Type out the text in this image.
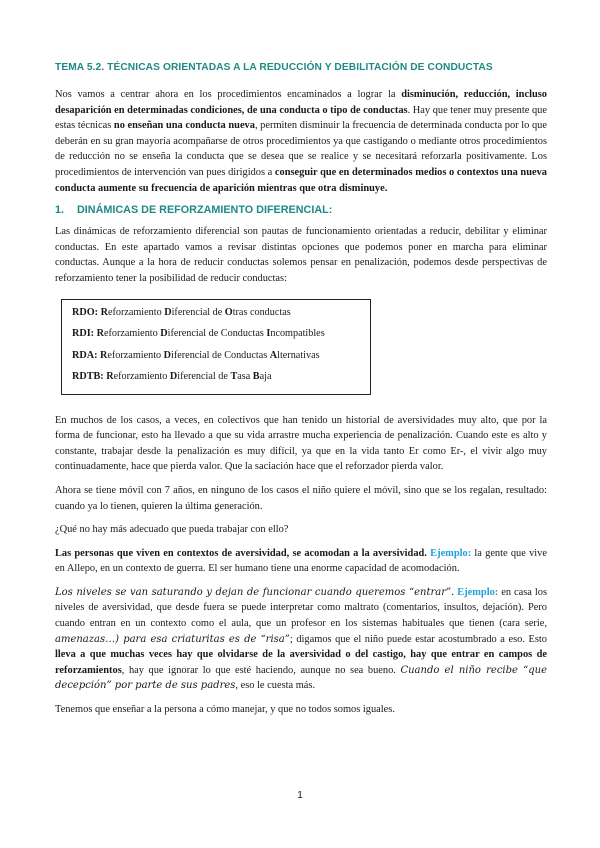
TEMA 5.2. TÉCNICAS ORIENTADAS A LA REDUCCIÓN Y DEBILITACIÓN DE CONDUCTAS

Nos vamos a centrar ahora en los procedimientos encaminados a lograr la disminución, reducción, incluso desaparición en determinadas condiciones, de una conducta o tipo de conductas. Hay que tener muy presente que estas técnicas no enseñan una conducta nueva, permiten disminuir la frecuencia de determinada conducta por lo que deberán en su gran mayoría acompañarse de otros procedimientos ya que castigando o mediante otros procedimientos de reducción no se enseña la conducta que se desea que se realice y se necesitará reforzarla positivamente. Los procedimientos de intervención van pues dirigidos a conseguir que en determinados medios o contextos una nueva conducta aumente su frecuencia de aparición mientras que otra disminuye.

1. DINÁMICAS DE REFORZAMIENTO DIFERENCIAL:

Las dinámicas de reforzamiento diferencial son pautas de funcionamiento orientadas a reducir, debilitar y eliminar conductas. En este apartado vamos a revisar distintas opciones que podemos poner en marcha para eliminar conductas. Aunque a la hora de reducir conductas solemos pensar en penalización, podemos desde perspectivas de reforzamiento tener la posibilidad de reducir conductas:

RDO: Reforzamiento Diferencial de Otras conductas
RDI: Reforzamiento Diferencial de Conductas Incompatibles
RDA: Reforzamiento Diferencial de Conductas Alternativas
RDTB: Reforzamiento Diferencial de Tasa Baja

En muchos de los casos, a veces, en colectivos que han tenido un historial de aversividades muy alto, que por la forma de funcionar, esto ha llevado a que su vida arrastre mucha experiencia de penalización. Cuando este es alto y constante, trabajar desde la penalización es muy difícil, ya que en la vida tanto Er como Er-, el vivir algo muy continuadamente, hace que pierda valor. Que la saciación hace que el reforzador pierda valor.

Ahora se tiene móvil con 7 años, en ninguno de los casos el niño quiere el móvil, sino que se los regalan, resultado: cuando ya lo tienen, quieren la última generación.

¿Qué no hay más adecuado que pueda trabajar con ello?

Las personas que viven en contextos de aversividad, se acomodan a la aversividad. Ejemplo: la gente que vive en Allepo, en un contexto de guerra. El ser humano tiene una enorme capacidad de acomodación.

Los niveles se van saturando y dejan de funcionar cuando queremos “entrar”. Ejemplo: en casa los niveles de aversividad, que desde fuera se puede interpretar como maltrato (comentarios, insultos, dejación). Pero cuando entran en un contexto como el aula, que un profesor en los sistemas habituales que tienen (cara serie, amenazas…) para esa criaturitas es de “risa”; digamos que el niño puede estar acostumbrado a eso. Esto lleva a que muchas veces hay que olvidarse de la aversividad o del castigo, hay que entrar en campos de reforzamientos, hay que ignorar lo que esté haciendo, aunque no sea bueno. Cuando el niño recibe “que decepción” por parte de sus padres, eso le cuesta más.

Tenemos que enseñar a la persona a cómo manejar, y que no todos somos iguales.

1
